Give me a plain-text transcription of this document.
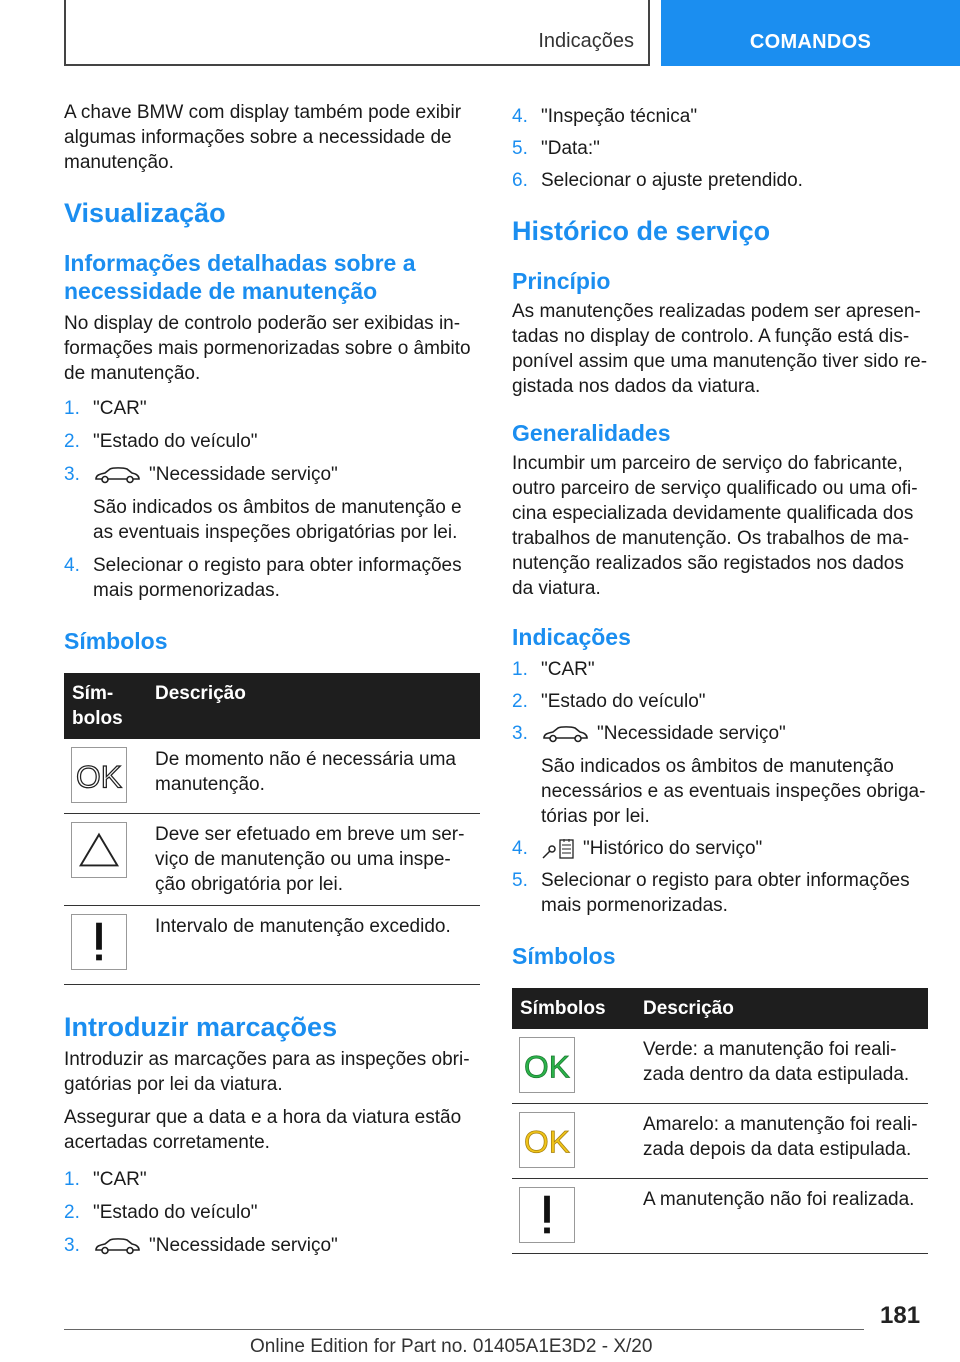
Indicações	COMANDOS

A chave BMW com display também pode exibir algumas informações sobre a necessidade de manutenção.

Visualização
Informações detalhadas sobre a necessidade de manutenção

No display de controlo poderão ser exibidas informações mais pormenorizadas sobre o âmbito de manutenção.

1. "CAR"
2. "Estado do veículo"
3.	"Necessidade serviço"
São indicados os âmbitos de manutenção e as eventuais inspeções obrigatórias por lei.
4. Selecionar o registo para obter informações mais pormenorizadas.
Símbolos
Símbolos	Descrição

OK	De momento não é necessária uma manutenção.

	Deve ser efetuado em breve um serviço de manutenção ou uma inspeção obrigatória por lei.

	Intervalo de manutenção excedido.
Introduzir marcações

Introduzir as marcações para as inspeções obrigatórias por lei da viatura.

Assegurar que a data e a hora da viatura estão acertadas corretamente.

1. "CAR"
2. "Estado do veículo"
3.	"Necessidade serviço"
4. "Inspeção técnica"
5. "Data:"
6. Selecionar o ajuste pretendido.
Histórico de serviço
Princípio

As manutenções realizadas podem ser apresentadas no display de controlo. A função está disponível assim que uma manutenção tiver sido registada nos dados da viatura.

Generalidades

Incumbir um parceiro de serviço do fabricante, outro parceiro de serviço qualificado ou uma oficina especializada devidamente qualificada dos trabalhos de manutenção. Os trabalhos de manutenção realizados são registados nos dados da viatura.

Indicações
1. "CAR"
2. "Estado do veículo"
3.	"Necessidade serviço"
São indicados os âmbitos de manutenção necessários e as eventuais inspeções obrigatórias por lei.
4.	"Histórico do serviço"
5. Selecionar o registo para obter informações mais pormenorizadas.
Símbolos
Símbolos	Descrição

OK	Verde: a manutenção foi realizada dentro da data estipulada.

OK	Amarelo: a manutenção foi realizada depois da data estipulada.

	A manutenção não foi realizada.
181
Online Edition for Part no. 01405A1E3D2 - X/20
